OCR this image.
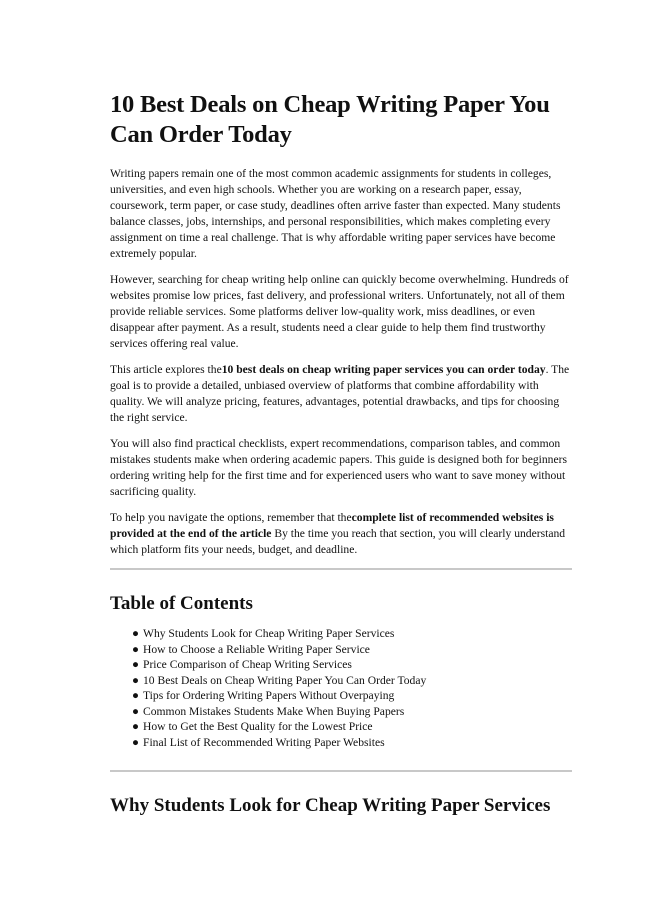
10 Best Deals on Cheap Writing Paper You Can Order Today

Writing papers remain one of the most common academic assignments for students in colleges, universities, and even high schools. Whether you are working on a research paper, essay, coursework, term paper, or case study, deadlines often arrive faster than expected. Many students balance classes, jobs, internships, and personal responsibilities, which makes completing every assignment on time a real challenge. That is why affordable writing paper services have become extremely popular.

However, searching for cheap writing help online can quickly become overwhelming. Hundreds of websites promise low prices, fast delivery, and professional writers. Unfortunately, not all of them provide reliable services. Some platforms deliver low-quality work, miss deadlines, or even disappear after payment. As a result, students need a clear guide to help them find trustworthy services offering real value.

This article explores the10 best deals on cheap writing paper services you can order today. The goal is to provide a detailed, unbiased overview of platforms that combine affordability with quality. We will analyze pricing, features, advantages, potential drawbacks, and tips for choosing the right service.

You will also find practical checklists, expert recommendations, comparison tables, and common mistakes students make when ordering academic papers. This guide is designed both for beginners ordering writing help for the first time and for experienced users who want to save money without sacrificing quality.

To help you navigate the options, remember that thecomplete list of recommended websites is provided at the end of the article By the time you reach that section, you will clearly understand which platform fits your needs, budget, and deadline.

Table of Contents
● Why Students Look for Cheap Writing Paper Services
● How to Choose a Reliable Writing Paper Service
● Price Comparison of Cheap Writing Services
● 10 Best Deals on Cheap Writing Paper You Can Order Today
● Tips for Ordering Writing Papers Without Overpaying
● Common Mistakes Students Make When Buying Papers
● How to Get the Best Quality for the Lowest Price
● Final List of Recommended Writing Paper Websites
Why Students Look for Cheap Writing Paper Services
